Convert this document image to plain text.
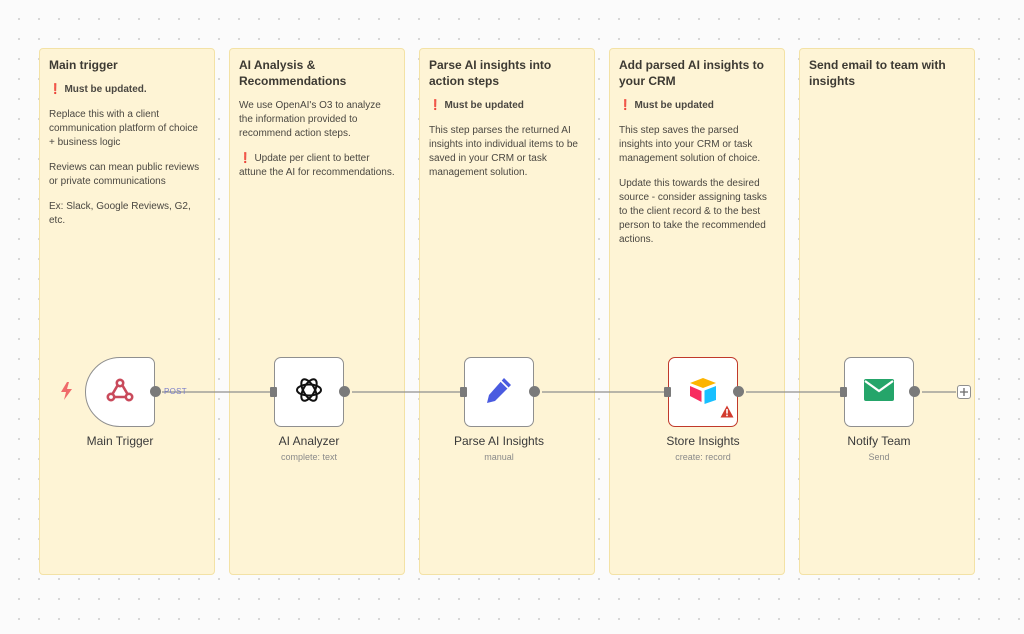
Main trigger

❗ Must be updated.

Replace this with a client communication platform of choice + business logic

Reviews can mean public reviews or private communications

Ex: Slack, Google Reviews, G2, etc.

AI Analysis & Recommendations

We use OpenAI's O3 to analyze the information provided to recommend action steps.

❗ Update per client to better attune the AI for recommendations.

Parse AI insights into action steps

❗ Must be updated

This step parses the returned AI insights into individual items to be saved in your CRM or task management solution.

Add parsed AI insights to your CRM

❗ Must be updated

This step saves the parsed insights into your CRM or task management solution of choice.

Update this towards the desired source - consider assigning tasks to the client record & to the best person to take the recommended actions.

Send email to team with insights
POST
Main Trigger	AI Analyzer
complete: text
Parse AI Insights
manual
Store Insights
create: record
Notify Team
Send
